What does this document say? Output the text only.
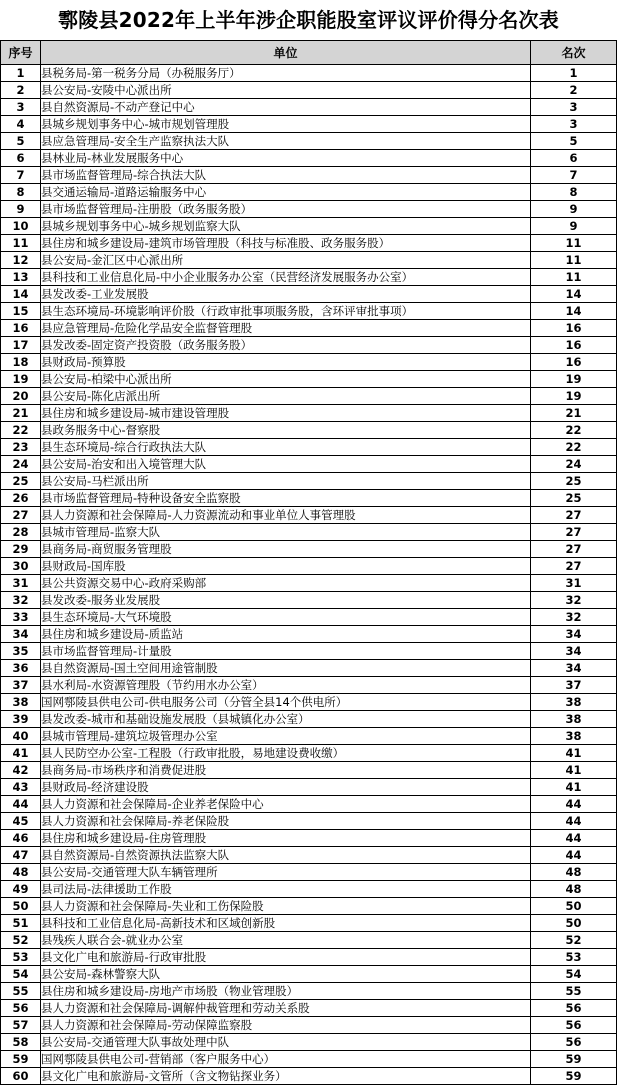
鄠陵县2022年上半年涉企职能股室评议评价得分名次表
序号	单位	名次
1	县税务局-第一税务分局（办税服务厅）	1
2	县公安局-安陵中心派出所	2
3	县自然资源局-不动产登记中心	3
4	县城乡规划事务中心-城市规划管理股	3
5	县应急管理局-安全生产监察执法大队	5
6	县林业局-林业发展服务中心	6
7	县市场监督管理局-综合执法大队	7
8	县交通运输局-道路运输服务中心	8
9	县市场监督管理局-注册股（政务服务股）	9
10	县城乡规划事务中心-城乡规划监察大队	9
11	县住房和城乡建设局-建筑市场管理股（科技与标准股、政务服务股）	11
12	县公安局-金汇区中心派出所	11
13	县科技和工业信息化局-中小企业服务办公室（民营经济发展服务办公室）	11
14	县发改委-工业发展股	14
15	县生态环境局-环境影响评价股（行政审批事项服务股，含环评审批事项）	14
16	县应急管理局-危险化学品安全监督管理股	16
17	县发改委-固定资产投资股（政务服务股）	16
18	县财政局-预算股	16
19	县公安局-柏梁中心派出所	19
20	县公安局-陈化店派出所	19
21	县住房和城乡建设局-城市建设管理股	21
22	县政务服务中心-督察股	22
23	县生态环境局-综合行政执法大队	22
24	县公安局-治安和出入境管理大队	24
25	县公安局-马栏派出所	25
26	县市场监督管理局-特种设备安全监察股	25
27	县人力资源和社会保障局-人力资源流动和事业单位人事管理股	27
28	县城市管理局-监察大队	27
29	县商务局-商贸服务管理股	27
30	县财政局-国库股	27
31	县公共资源交易中心-政府采购部	31
32	县发改委-服务业发展股	32
33	县生态环境局-大气环境股	32
34	县住房和城乡建设局-质监站	34
35	县市场监督管理局-计量股	34
36	县自然资源局-国土空间用途管制股	34
37	县水利局-水资源管理股（节约用水办公室）	37
38	国网鄠陵县供电公司-供电服务公司（分管全县14个供电所）	38
39	县发改委-城市和基础设施发展股（县城镇化办公室）	38
40	县城市管理局-建筑垃圾管理办公室	38
41	县人民防空办公室-工程股（行政审批股，易地建设费收缴）	41
42	县商务局-市场秩序和消费促进股	41
43	县财政局-经济建设股	41
44	县人力资源和社会保障局-企业养老保险中心	44
45	县人力资源和社会保障局-养老保险股	44
46	县住房和城乡建设局-住房管理股	44
47	县自然资源局-自然资源执法监察大队	44
48	县公安局-交通管理大队车辆管理所	48
49	县司法局-法律援助工作股	48
50	县人力资源和社会保障局-失业和工伤保险股	50
51	县科技和工业信息化局-高新技术和区域创新股	50
52	县残疾人联合会-就业办公室	52
53	县文化广电和旅游局-行政审批股	53
54	县公安局-森林警察大队	54
55	县住房和城乡建设局-房地产市场股（物业管理股）	55
56	县人力资源和社会保障局-调解仲裁管理和劳动关系股	56
57	县人力资源和社会保障局-劳动保障监察股	56
58	县公安局-交通管理大队事故处理中队	56
59	国网鄠陵县供电公司-营销部（客户服务中心）	59
60	县文化广电和旅游局-文管所（含文物钻探业务）	59
